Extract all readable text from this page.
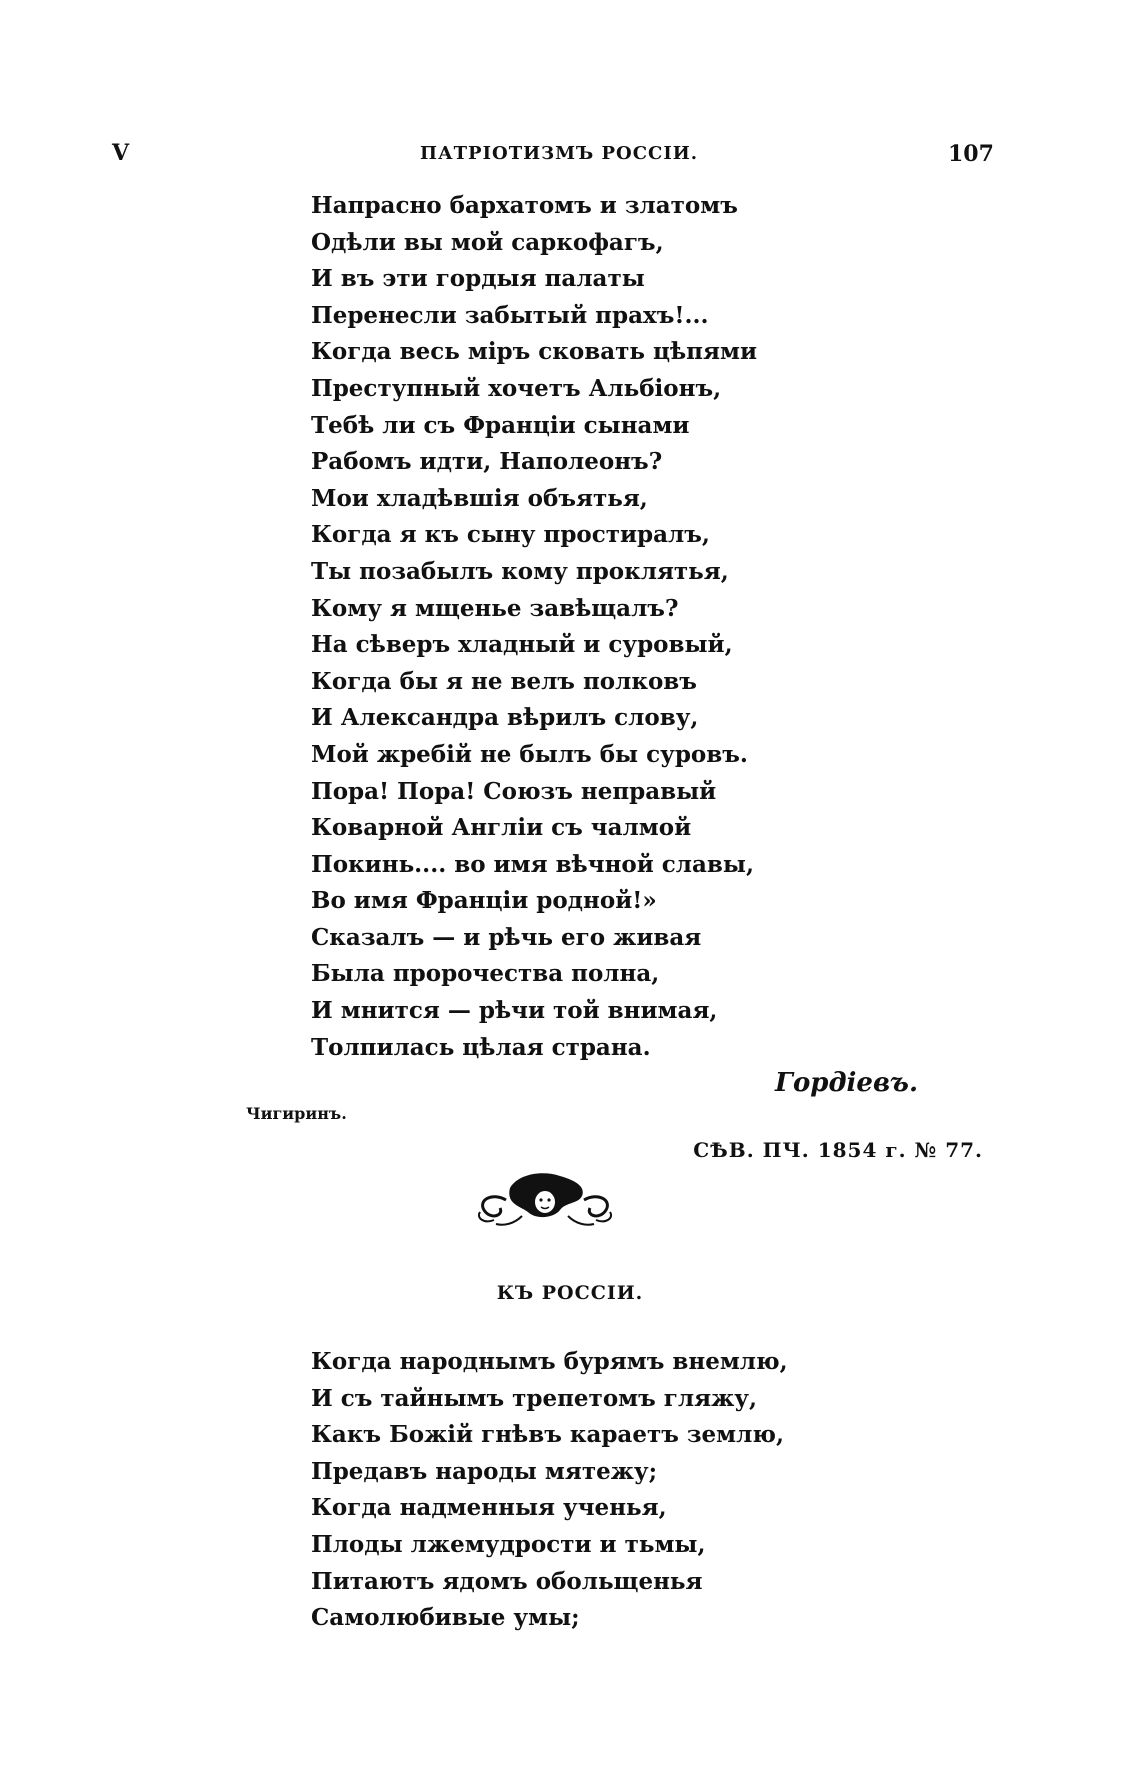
V	ПАТРІОТИЗМЪ РОССІИ.	107
Напрасно бархатомъ и златомъ
Одѣли вы мой саркофагъ,
И въ эти гордыя палаты
Перенесли забытый прахъ!...
Когда весь міръ сковать цѣпями
Преступный хочетъ Альбіонъ,
Тебѣ ли съ Франціи сынами
Рабомъ идти, Наполеонъ?
Мои хладѣвшія объятья,
Когда я къ сыну простиралъ,
Ты позабылъ кому проклятья,
Кому я мщенье завѣщалъ?
На сѣверъ хладный и суровый,
Когда бы я не велъ полковъ
И Александра вѣрилъ слову,
Мой жребій не былъ бы суровъ.
Пора! Пора! Союзъ неправый
Коварной Англіи съ чалмой
Покинь.... во имя вѣчной славы,
Во имя Франціи родной!»
Сказалъ — и рѣчь его живая
Была пророчества полна,
И мнится — рѣчи той внимая,
Толпилась цѣлая страна.
Гордіевъ.
Чигиринъ.
СѢВ. ПЧ. 1854 г. № 77.
КЪ РОССІИ.
Когда народнымъ бурямъ внемлю,
И съ тайнымъ трепетомъ гляжу,
Какъ Божій гнѣвъ караетъ землю,
Предавъ народы мятежу;
Когда надменныя ученья,
Плоды лжемудрости и тьмы,
Питаютъ ядомъ обольщенья
Самолюбивые умы;
